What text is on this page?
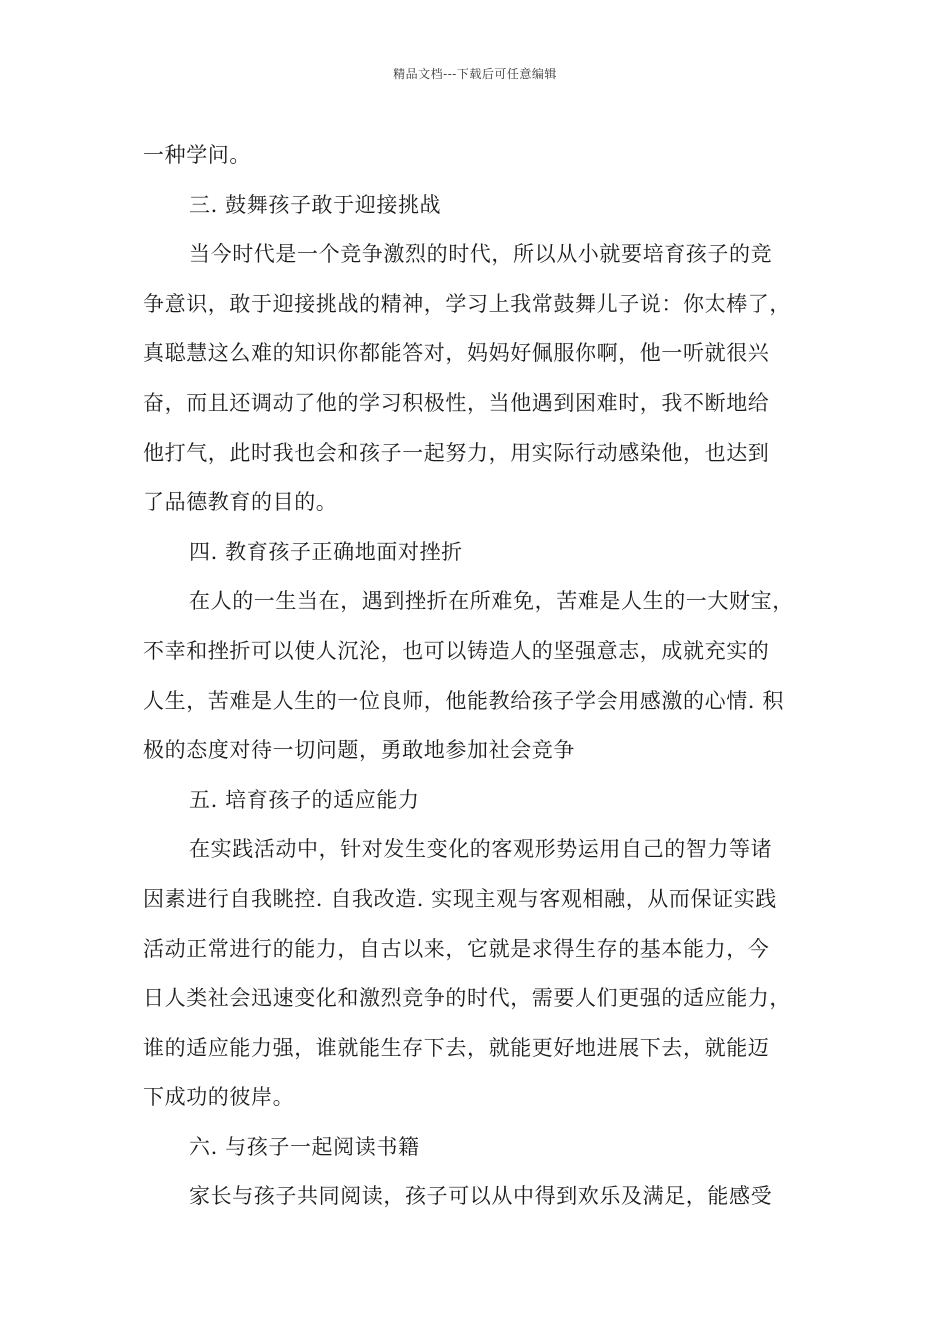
精品文档---下载后可任意编辑
一种学问。
三. 鼓舞孩子敢于迎接挑战
当今时代是一个竞争激烈的时代，所以从小就要培育孩子的竞
争意识，敢于迎接挑战的精神，学习上我常鼓舞儿子说：你太棒了，
真聪慧这么难的知识你都能答对，妈妈好佩服你啊，他一听就很兴
奋，而且还调动了他的学习积极性，当他遇到困难时，我不断地给
他打气，此时我也会和孩子一起努力，用实际行动感染他，也达到
了品德教育的目的。
四. 教育孩子正确地面对挫折
在人的一生当在，遇到挫折在所难免，苦难是人生的一大财宝，
不幸和挫折可以使人沉沦，也可以铸造人的坚强意志，成就充实的
人生，苦难是人生的一位良师，他能教给孩子学会用感激的心情. 积
极的态度对待一切问题，勇敢地参加社会竞争
五. 培育孩子的适应能力
在实践活动中，针对发生变化的客观形势运用自己的智力等诸
因素进行自我眺控. 自我改造. 实现主观与客观相融，从而保证实践
活动正常进行的能力，自古以来，它就是求得生存的基本能力，今
日人类社会迅速变化和激烈竞争的时代，需要人们更强的适应能力，
谁的适应能力强，谁就能生存下去，就能更好地进展下去，就能迈
下成功的彼岸。
六. 与孩子一起阅读书籍
家长与孩子共同阅读，孩子可以从中得到欢乐及满足，能感受
